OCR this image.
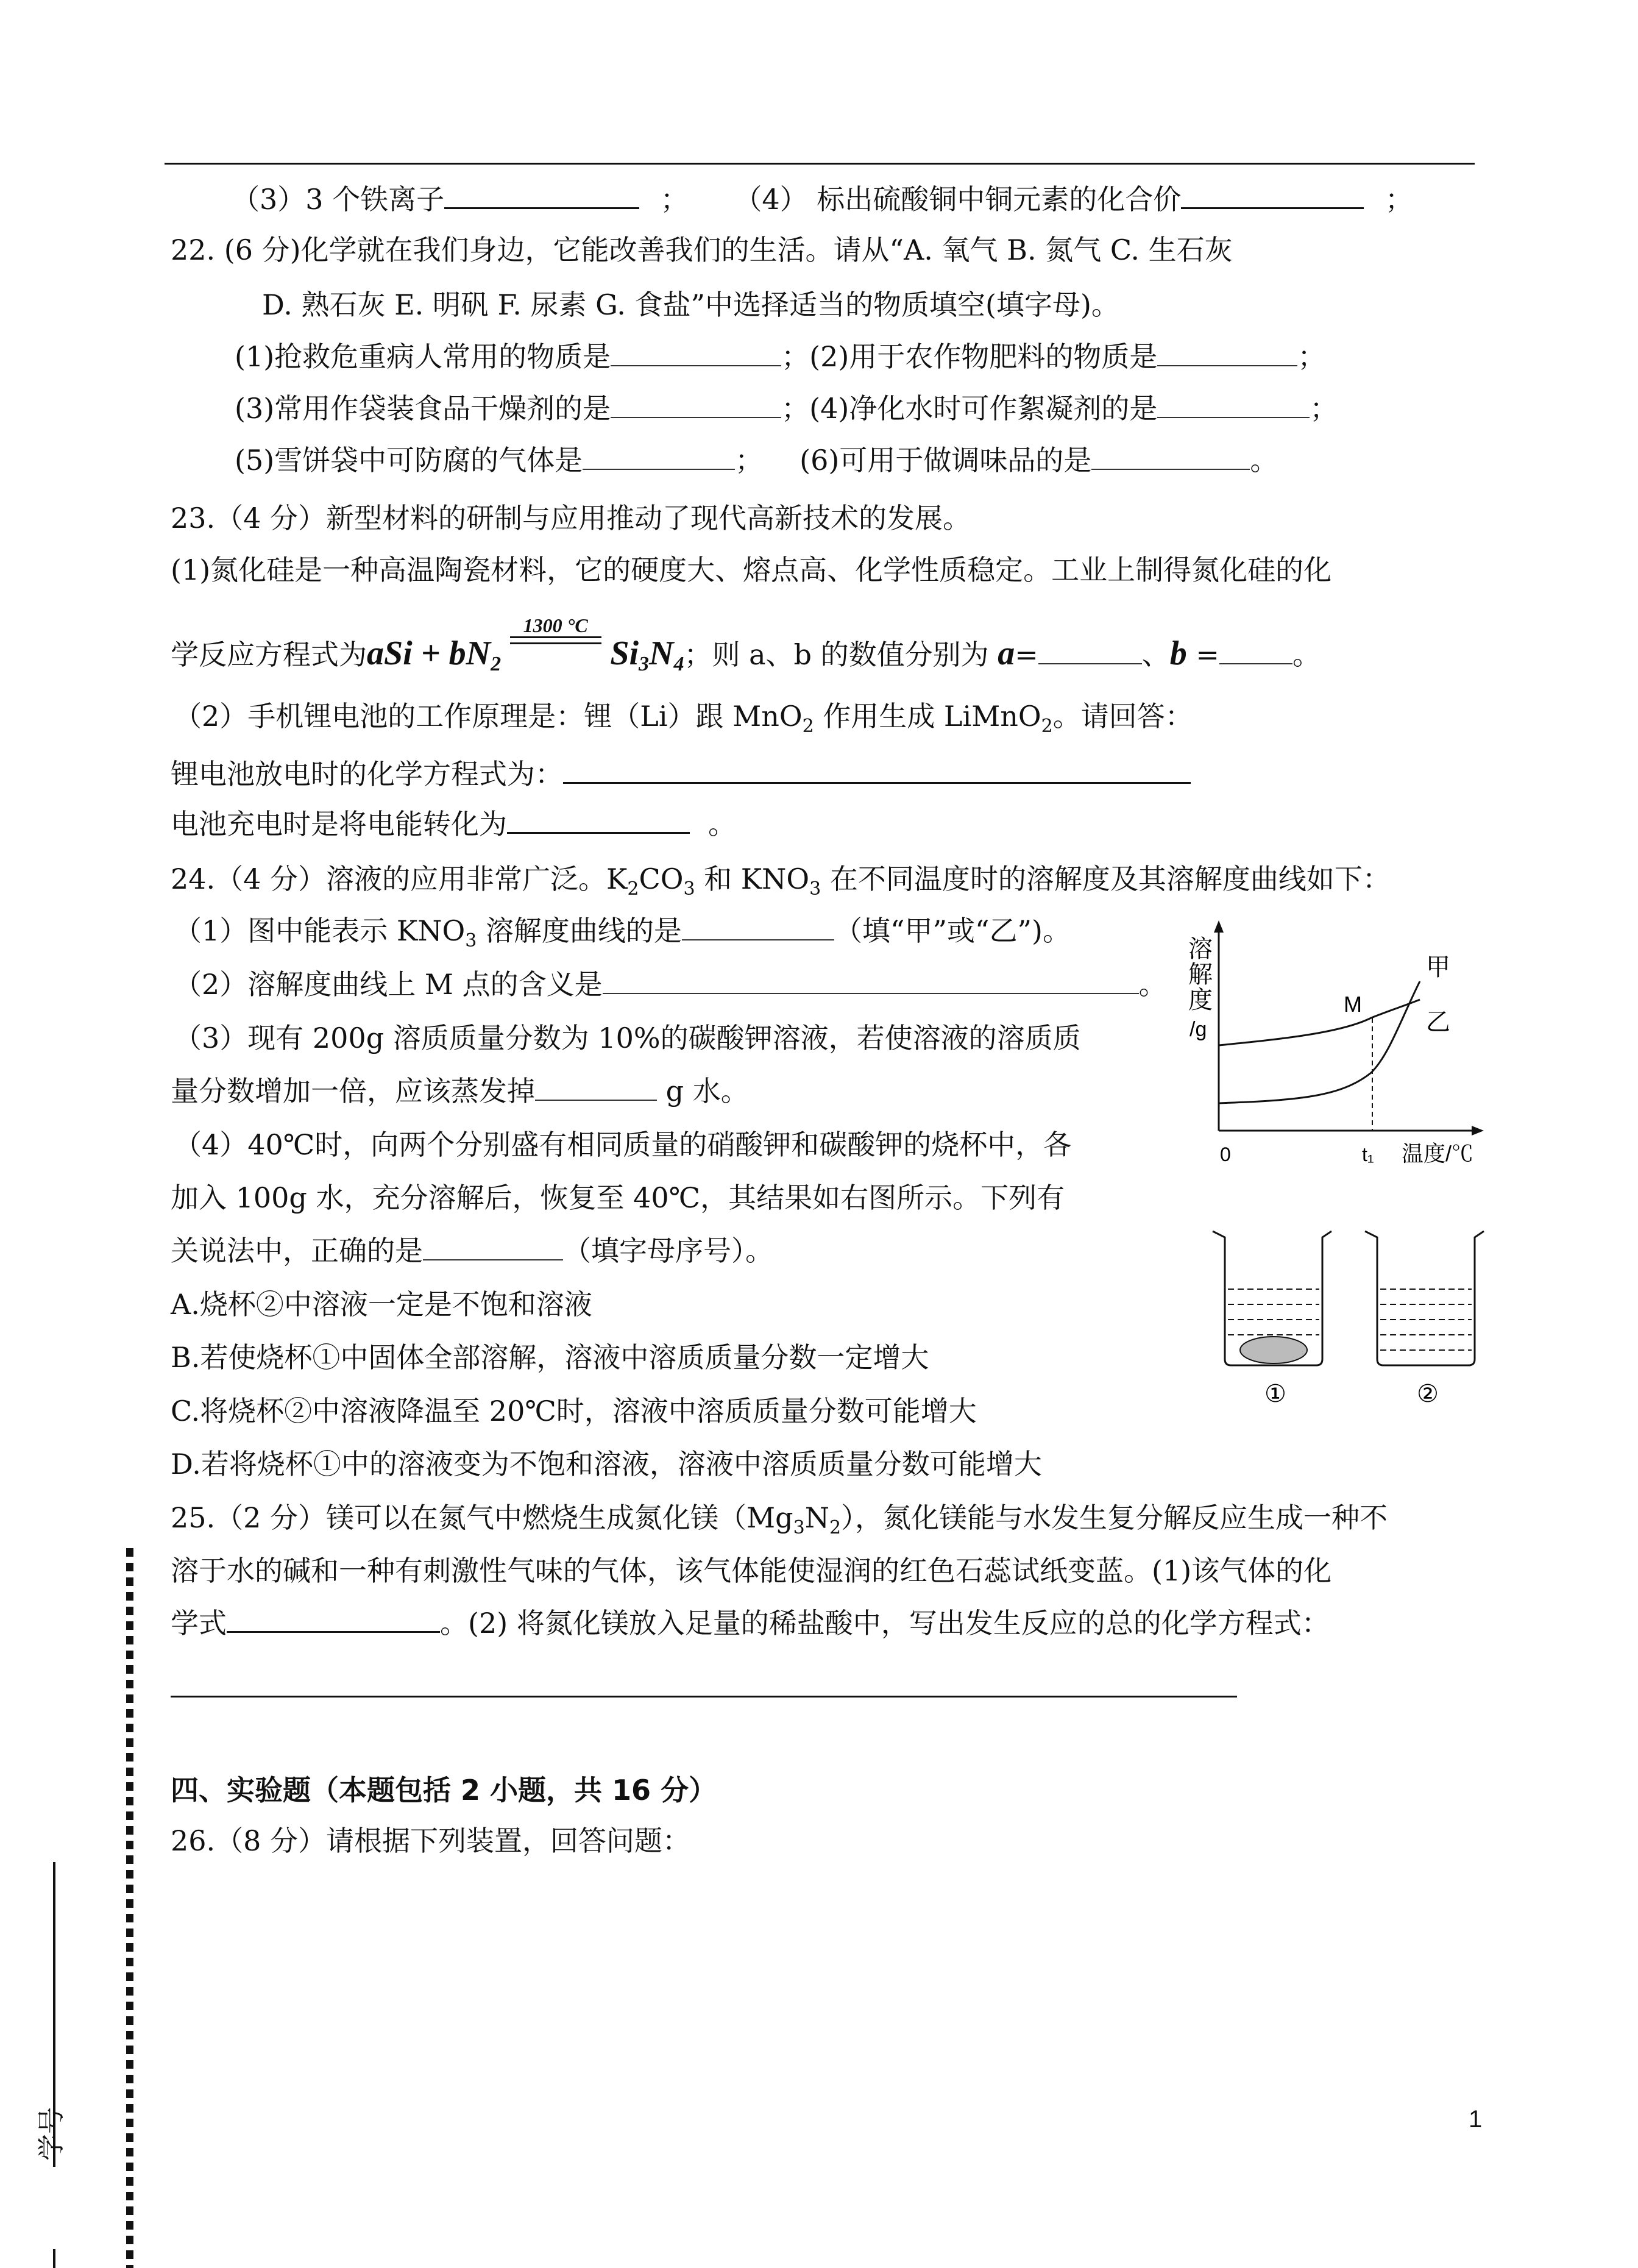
（3）3 个铁离子	； （4） 标出硫酸铜中铜元素的化合价	；
22. (6 分)化学就在我们身边，它能改善我们的生活。请从“A. 氧气 B. 氮气 C. 生石灰
D. 熟石灰 E. 明矾 F. 尿素 G. 食盐”中选择适当的物质填空(填字母)。
(1)抢救危重病人常用的物质是	；(2)用于农作物肥料的物质是	；
(3)常用作袋装食品干燥剂的是	；(4)净化水时可作絮凝剂的是	；
(5)雪饼袋中可防腐的气体是	； (6)可用于做调味品的是	。
23.（4 分）新型材料的研制与应用推动了现代高新技术的发展。
(1)氮化硅是一种高温陶瓷材料，它的硬度大、熔点高、化学性质稳定。工业上制得氮化硅的化
学反应方程式为aSi + $bN_2$
1300 °C
$Si_3N_4$；则 a、b 的数值分别为 a=	、b =	。
（2）手机锂电池的工作原理是：锂（Li）跟 MnO$_2$ 作用生成 LiMnO$_2$。请回答：
锂电池放电时的化学方程式为：
电池充电时是将电能转化为	。
24.（4 分）溶液的应用非常广泛。$K_2CO_3$ 和 $KNO_3$ 在不同温度时的溶解度及其溶解度曲线如下：
（1）图中能表示 $KNO_3$ 溶解度曲线的是	（填“甲”或“乙”)。
（2）溶解度曲线上 M 点的含义是	。
（3）现有 200g 溶质质量分数为 10%的碳酸钾溶液，若使溶液的溶质质
量分数增加一倍，应该蒸发掉	g 水。
（4）40℃时，向两个分别盛有相同质量的硝酸钾和碳酸钾的烧杯中，各
加入 100g 水，充分溶解后，恢复至 40℃，其结果如右图所示。下列有
关说法中，正确的是	（填字母序号）。
A.烧杯②中溶液一定是不饱和溶液
B.若使烧杯①中固体全部溶解，溶液中溶质质量分数一定增大
C.将烧杯②中溶液降温至 20℃时，溶液中溶质质量分数可能增大
D.若将烧杯①中的溶液变为不饱和溶液，溶液中溶质质量分数可能增大
溶
解
度
/g
甲
乙
M
0	t₁ 温度/℃
①	②
25.（2 分）镁可以在氮气中燃烧生成氮化镁$(Mg_3N_2)$，氮化镁能与水发生复分解反应生成一种不
溶于水的碱和一种有刺激性气味的气体，该气体能使湿润的红色石蕊试纸变蓝。(1)该气体的化
学式	。(2) 将氮化镁放入足量的稀盐酸中，写出发生反应的总的化学方程式：
四、实验题（本题包括 2 小题，共 16 分）
26.（8 分）请根据下列装置，回答问题：
学号	1
